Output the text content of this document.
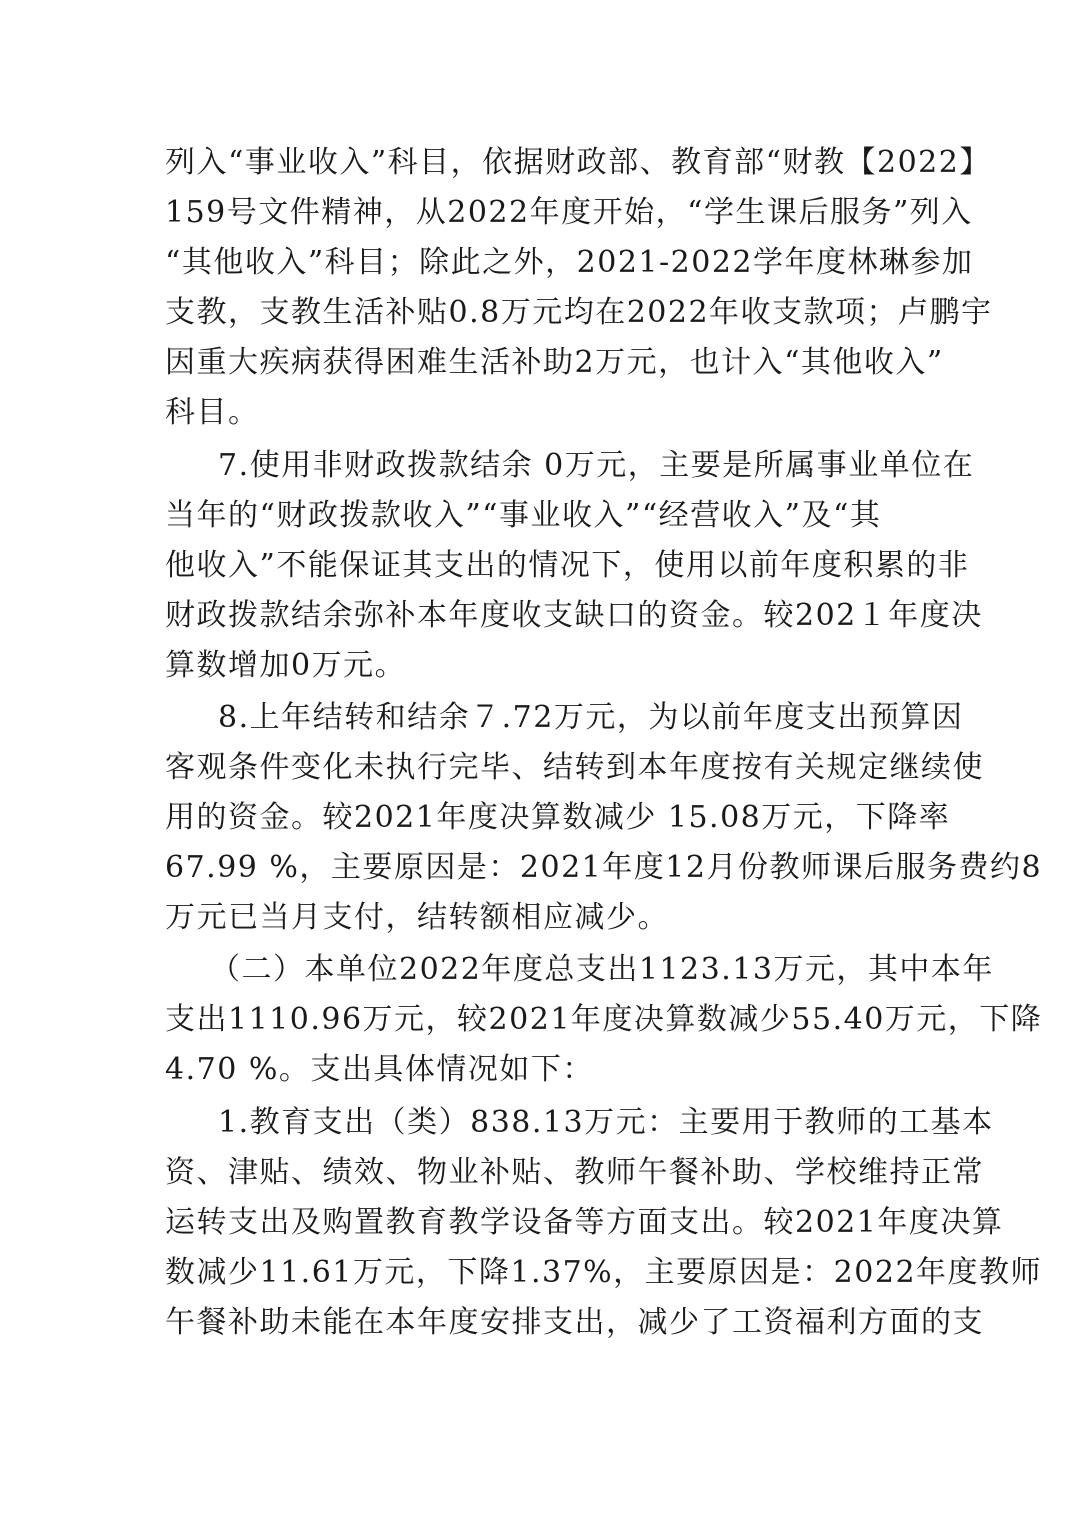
列入“事业收入”科目，依据财政部、教育部“财教【2022】
159号文件精神，从2022年度开始，“学生课后服务”列入
“其他收入”科目；除此之外，2021-2022学年度林琳参加
支教，支教生活补贴0.8万元均在2022年收支款项；卢鹏宇
因重大疾病获得困难生活补助2万元，也计入“其他收入”
科目。
7.使用非财政拨款结余 0万元，主要是所属事业单位在
当年的“财政拨款收入”“事业收入”“经营收入”及“其
他收入”不能保证其支出的情况下，使用以前年度积累的非
财政拨款结余弥补本年度收支缺口的资金。较202１年度决
算数增加0万元。
8.上年结转和结余７.72万元，为以前年度支出预算因
客观条件变化未执行完毕、结转到本年度按有关规定继续使
用的资金。较2021年度决算数减少 15.08万元，下降率
67.99 %，主要原因是：2021年度12月份教师课后服务费约8
万元已当月支付，结转额相应减少。
（二）本单位2022年度总支出1123.13万元，其中本年
支出1110.96万元，较2021年度决算数减少55.40万元，下降
4.70 %。支出具体情况如下：
1.教育支出（类）838.13万元：主要用于教师的工基本
资、津贴、绩效、物业补贴、教师午餐补助、学校维持正常
运转支出及购置教育教学设备等方面支出。较2021年度决算
数减少11.61万元，下降1.37%，主要原因是：2022年度教师
午餐补助未能在本年度安排支出，减少了工资福利方面的支
